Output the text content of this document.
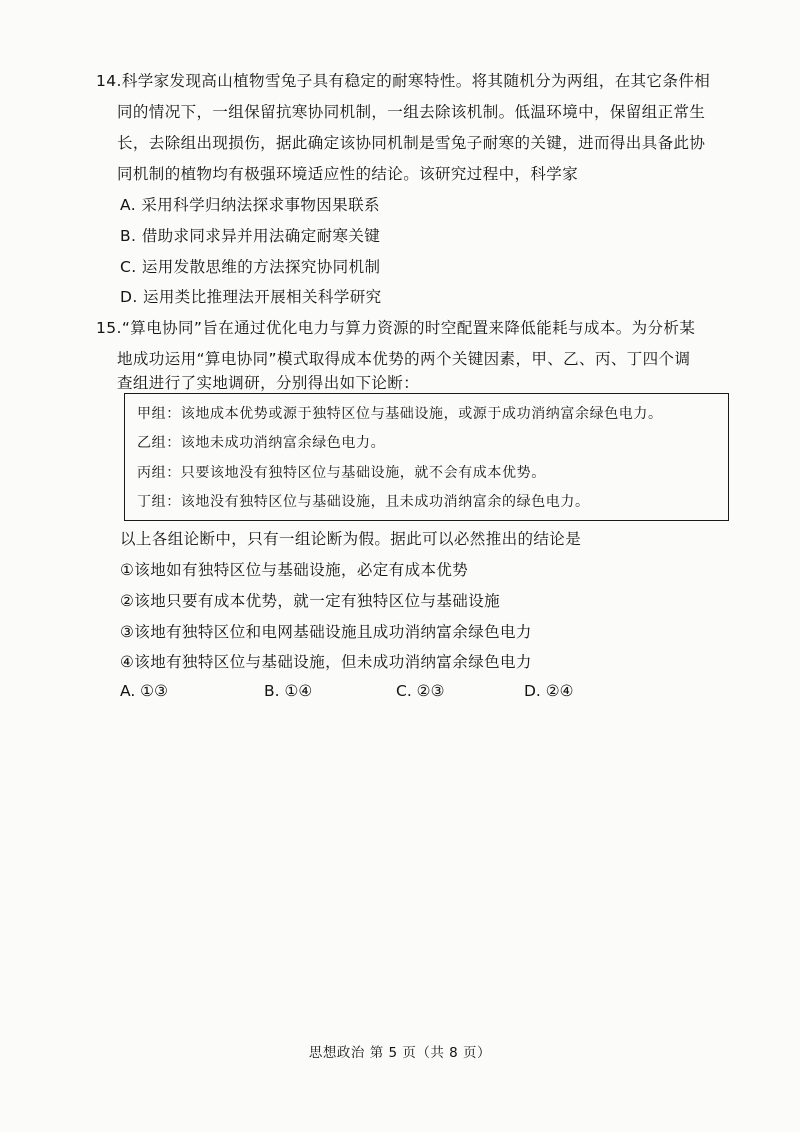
14.科学家发现高山植物雪兔子具有稳定的耐寒特性。将其随机分为两组，在其它条件相
同的情况下，一组保留抗寒协同机制，一组去除该机制。低温环境中，保留组正常生
长，去除组出现损伤，据此确定该协同机制是雪兔子耐寒的关键，进而得出具备此协
同机制的植物均有极强环境适应性的结论。该研究过程中，科学家
A. 采用科学归纳法探求事物因果联系
B. 借助求同求异并用法确定耐寒关键
C. 运用发散思维的方法探究协同机制
D. 运用类比推理法开展相关科学研究
15.“算电协同”旨在通过优化电力与算力资源的时空配置来降低能耗与成本。为分析某
地成功运用“算电协同”模式取得成本优势的两个关键因素，甲、乙、丙、丁四个调
查组进行了实地调研，分别得出如下论断：
甲组：该地成本优势或源于独特区位与基础设施，或源于成功消纳富余绿色电力。
乙组：该地未成功消纳富余绿色电力。
丙组：只要该地没有独特区位与基础设施，就不会有成本优势。
丁组：该地没有独特区位与基础设施，且未成功消纳富余的绿色电力。
以上各组论断中，只有一组论断为假。据此可以必然推出的结论是
①该地如有独特区位与基础设施，必定有成本优势
②该地只要有成本优势，就一定有独特区位与基础设施
③该地有独特区位和电网基础设施且成功消纳富余绿色电力
④该地有独特区位与基础设施，但未成功消纳富余绿色电力
A. ①③	B. ①④	C. ②③	D. ②④
思想政治 第 5 页（共 8 页）
